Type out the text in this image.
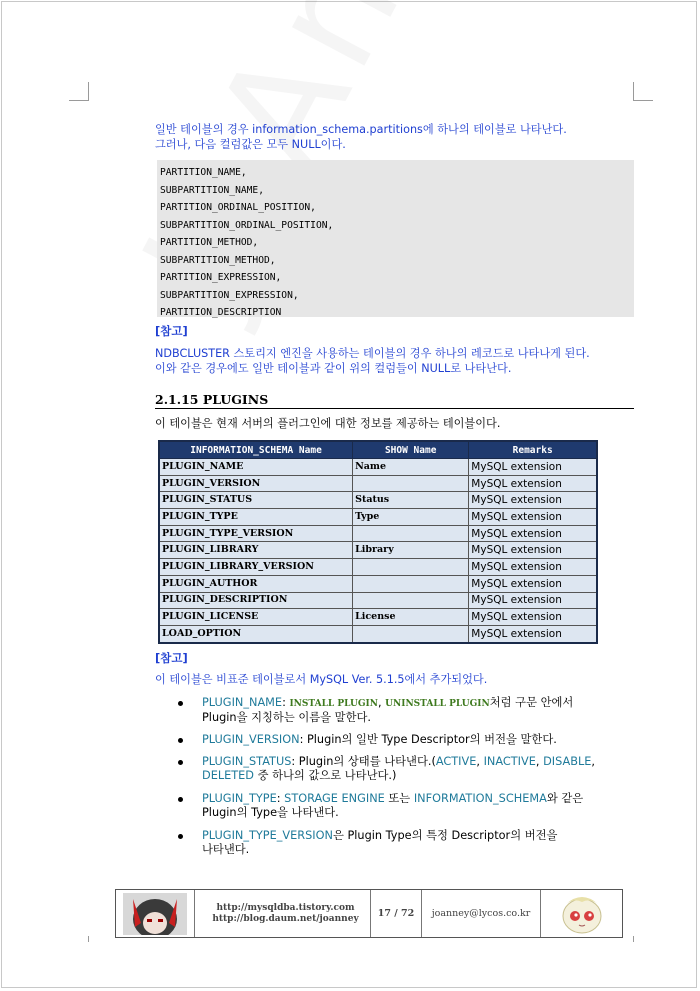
일반 테이블의 경우 information_schema.partitions에 하나의 테이블로 나타난다.
그러나, 다음 컬럼값은 모두 NULL이다.
PARTITION_NAME,
SUBPARTITION_NAME,
PARTITION_ORDINAL_POSITION,
SUBPARTITION_ORDINAL_POSITION,
PARTITION_METHOD,
SUBPARTITION_METHOD,
PARTITION_EXPRESSION,
SUBPARTITION_EXPRESSION,
PARTITION_DESCRIPTION
[참고]
NDBCLUSTER 스토리지 엔진을 사용하는 테이블의 경우 하나의 레코드로 나타나게 된다.
이와 같은 경우에도 일반 테이블과 같이 위의 컬럼들이 NULL로 나타난다.
2.1.15 PLUGINS
이 테이블은 현재 서버의 플러그인에 대한 정보를 제공하는 테이블이다.
INFORMATION_SCHEMA Name	SHOW Name	Remarks
PLUGIN_NAME	Name	MySQL extension
PLUGIN_VERSION		MySQL extension
PLUGIN_STATUS	Status	MySQL extension
PLUGIN_TYPE	Type	MySQL extension
PLUGIN_TYPE_VERSION		MySQL extension
PLUGIN_LIBRARY	Library	MySQL extension
PLUGIN_LIBRARY_VERSION		MySQL extension
PLUGIN_AUTHOR		MySQL extension
PLUGIN_DESCRIPTION		MySQL extension
PLUGIN_LICENSE	License	MySQL extension
LOAD_OPTION		MySQL extension
[참고]
이 테이블은 비표준 테이블로서 MySQL Ver. 5.1.5에서 추가되었다.
PLUGIN_NAME: INSTALL PLUGIN, UNINSTALL PLUGIN처럼 구문 안에서
Plugin을 지칭하는 이름을 말한다.
PLUGIN_VERSION: Plugin의 일반 Type Descriptor의 버전을 말한다.
PLUGIN_STATUS: Plugin의 상태를 나타낸다.(ACTIVE, INACTIVE, DISABLE,
DELETED 중 하나의 값으로 나타난다.)
PLUGIN_TYPE: STORAGE ENGINE 또는 INFORMATION_SCHEMA와 같은
Plugin의 Type을 나타낸다.
PLUGIN_TYPE_VERSION은 Plugin Type의 특정 Descriptor의 버전을
나타낸다.
http://mysqldba.tistory.com
http://blog.daum.net/joanney	17 / 72	joanney@lycos.co.kr
